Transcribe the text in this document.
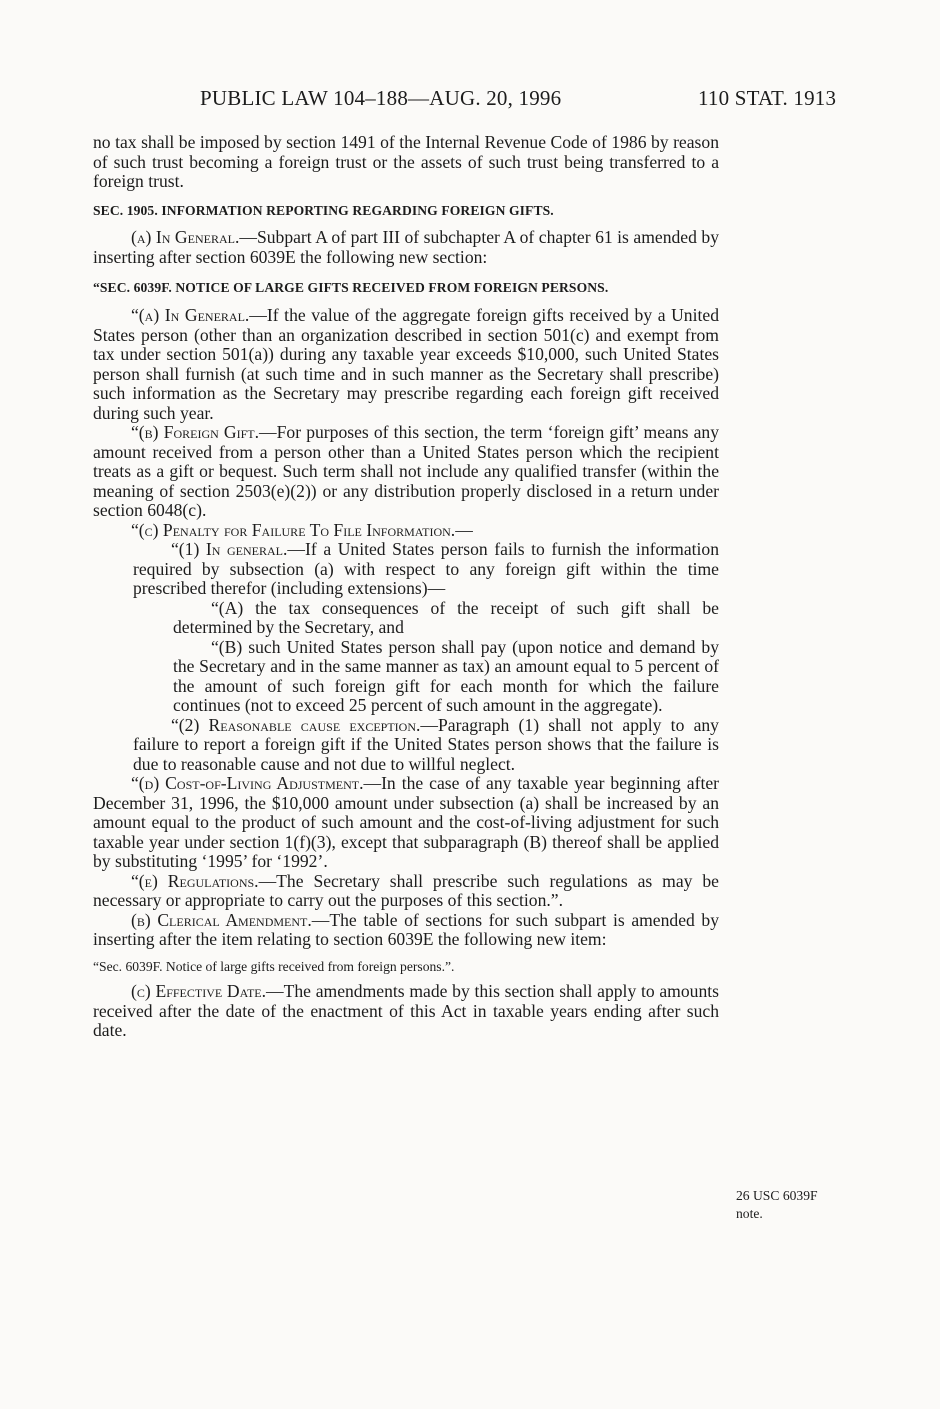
PUBLIC LAW 104–188—AUG. 20, 1996	110 STAT. 1913

no tax shall be imposed by section 1491 of the Internal Revenue Code of 1986 by reason of such trust becoming a foreign trust or the assets of such trust being transferred to a foreign trust.

SEC. 1905. INFORMATION REPORTING REGARDING FOREIGN GIFTS.

(a) In General.—Subpart A of part III of subchapter A of chapter 61 is amended by inserting after section 6039E the following new section:

“SEC. 6039F. NOTICE OF LARGE GIFTS RECEIVED FROM FOREIGN PERSONS.

“(a) In General.—If the value of the aggregate foreign gifts received by a United States person (other than an organization described in section 501(c) and exempt from tax under section 501(a)) during any taxable year exceeds $10,000, such United States person shall furnish (at such time and in such manner as the Secretary shall prescribe) such information as the Secretary may prescribe regarding each foreign gift received during such year.

“(b) Foreign Gift.—For purposes of this section, the term ‘foreign gift’ means any amount received from a person other than a United States person which the recipient treats as a gift or bequest. Such term shall not include any qualified transfer (within the meaning of section 2503(e)(2)) or any distribution properly disclosed in a return under section 6048(c).

“(c) Penalty for Failure To File Information.—

“(1) In general.—If a United States person fails to furnish the information required by subsection (a) with respect to any foreign gift within the time prescribed therefor (including extensions)—

“(A) the tax consequences of the receipt of such gift shall be determined by the Secretary, and

“(B) such United States person shall pay (upon notice and demand by the Secretary and in the same manner as tax) an amount equal to 5 percent of the amount of such foreign gift for each month for which the failure continues (not to exceed 25 percent of such amount in the aggregate).

“(2) Reasonable cause exception.—Paragraph (1) shall not apply to any failure to report a foreign gift if the United States person shows that the failure is due to reasonable cause and not due to willful neglect.

“(d) Cost-of-Living Adjustment.—In the case of any taxable year beginning after December 31, 1996, the $10,000 amount under subsection (a) shall be increased by an amount equal to the product of such amount and the cost-of-living adjustment for such taxable year under section 1(f)(3), except that subparagraph (B) thereof shall be applied by substituting ‘1995’ for ‘1992’.

“(e) Regulations.—The Secretary shall prescribe such regulations as may be necessary or appropriate to carry out the purposes of this section.”.

(b) Clerical Amendment.—The table of sections for such subpart is amended by inserting after the item relating to section 6039E the following new item:

“Sec. 6039F. Notice of large gifts received from foreign persons.”.

(c) Effective Date.—The amendments made by this section shall apply to amounts received after the date of the enactment of this Act in taxable years ending after such date.

26 USC 6039F
note.
